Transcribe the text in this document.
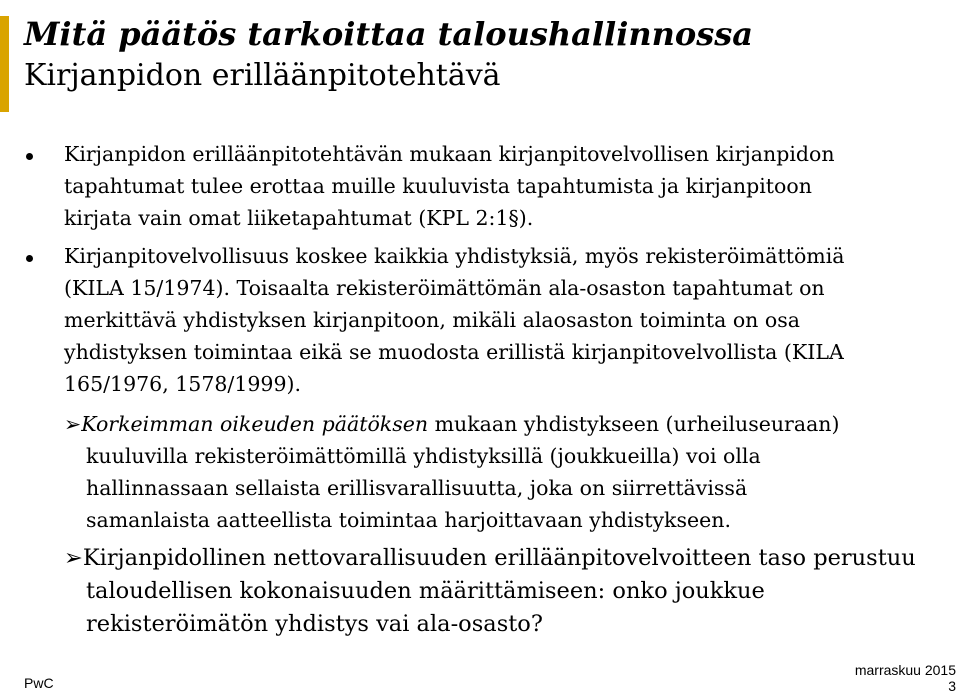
Mitä päätös tarkoittaa taloushallinnossa
Kirjanpidon erilläänpitotehtävä
Kirjanpidon erilläänpitotehtävän mukaan kirjanpitovelvollisen kirjanpidon
tapahtumat tulee erottaa muille kuuluvista tapahtumista ja kirjanpitoon
kirjata vain omat liiketapahtumat (KPL 2:1§).
Kirjanpitovelvollisuus koskee kaikkia yhdistyksiä, myös rekisteröimättömiä
(KILA 15/1974). Toisaalta rekisteröimättömän ala-osaston tapahtumat on
merkittävä yhdistyksen kirjanpitoon, mikäli alaosaston toiminta on osa
yhdistyksen toimintaa eikä se muodosta erillistä kirjanpitovelvollista (KILA
165/1976, 1578/1999).
➢Korkeimman oikeuden päätöksen mukaan yhdistykseen (urheiluseuraan)
kuuluvilla rekisteröimättömillä yhdistyksillä (joukkueilla) voi olla
hallinnassaan sellaista erillisvarallisuutta, joka on siirrettävissä
samanlaista aatteellista toimintaa harjoittavaan yhdistykseen.
➢Kirjanpidollinen nettovarallisuuden erilläänpitovelvoitteen taso perustuu
taloudellisen kokonaisuuden määrittämiseen: onko joukkue
rekisteröimätön yhdistys vai ala-osasto?
PwC
marraskuu 2015
3
